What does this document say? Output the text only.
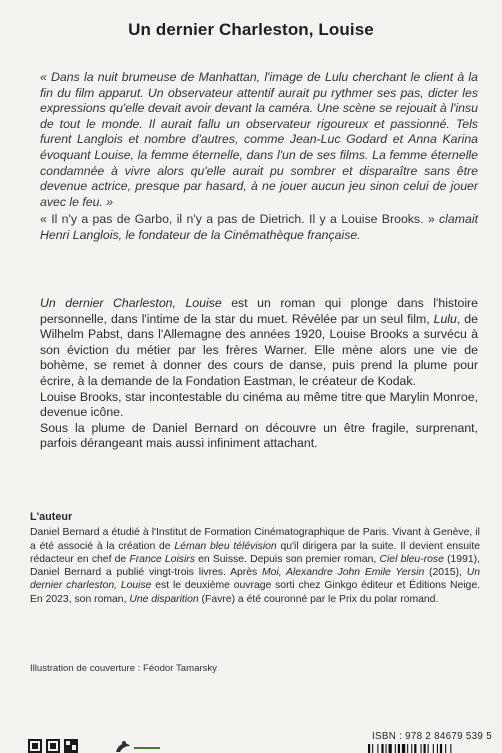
Un dernier Charleston, Louise

« Dans la nuit brumeuse de Manhattan, l'image de Lulu cherchant le client à la fin du film apparut. Un observateur attentif aurait pu rythmer ses pas, dicter les expressions qu'elle devait avoir devant la caméra. Une scène se rejouait à l'insu de tout le monde. Il aurait fallu un observateur rigoureux et passionné. Tels furent Langlois et nombre d'autres, comme Jean-Luc Godard et Anna Karina évoquant Louise, la femme éternelle, dans l'un de ses films. La femme éternelle condamnée à vivre alors qu'elle aurait pu sombrer et disparaître sans être devenue actrice, presque par hasard, à ne jouer aucun jeu sinon celui de jouer avec le feu. »

« Il n'y a pas de Garbo, il n'y a pas de Dietrich. Il y a Louise Brooks. » clamait Henri Langlois, le fondateur de la Cinémathèque française.

Un dernier Charleston, Louise est un roman qui plonge dans l'histoire personnelle, dans l'intime de la star du muet. Révélée par un seul film, Lulu, de Wilhelm Pabst, dans l'Allemagne des années 1920, Louise Brooks a survécu à son éviction du métier par les frères Warner. Elle mène alors une vie de bohème, se remet à donner des cours de danse, puis prend la plume pour écrire, à la demande de la Fondation Eastman, le créateur de Kodak.

Louise Brooks, star incontestable du cinéma au même titre que Marylin Monroe, devenue icône.

Sous la plume de Daniel Bernard on découvre un être fragile, surprenant, parfois dérangeant mais aussi infiniment attachant.

L'auteur

Daniel Bernard a étudié à l'Institut de Formation Cinématographique de Paris. Vivant à Genève, il a été associé à la création de Léman bleu télévision qu'il dirigera par la suite. Il devient ensuite rédacteur en chef de France Loisirs en Suisse. Depuis son premier roman, Ciel bleu-rose (1991), Daniel Bernard a publié vingt-trois livres. Après Moi, Alexandre John Emile Yersin (2015), Un dernier charleston, Louise est le deuxième ouvrage sorti chez Ginkgo éditeur et Éditions Neige. En 2023, son roman, Une disparition (Favre) a été couronné par le Prix du polar romand.

Illustration de couverture : Féodor Tamarsky
ISBN : 978 2 84679 539 5
